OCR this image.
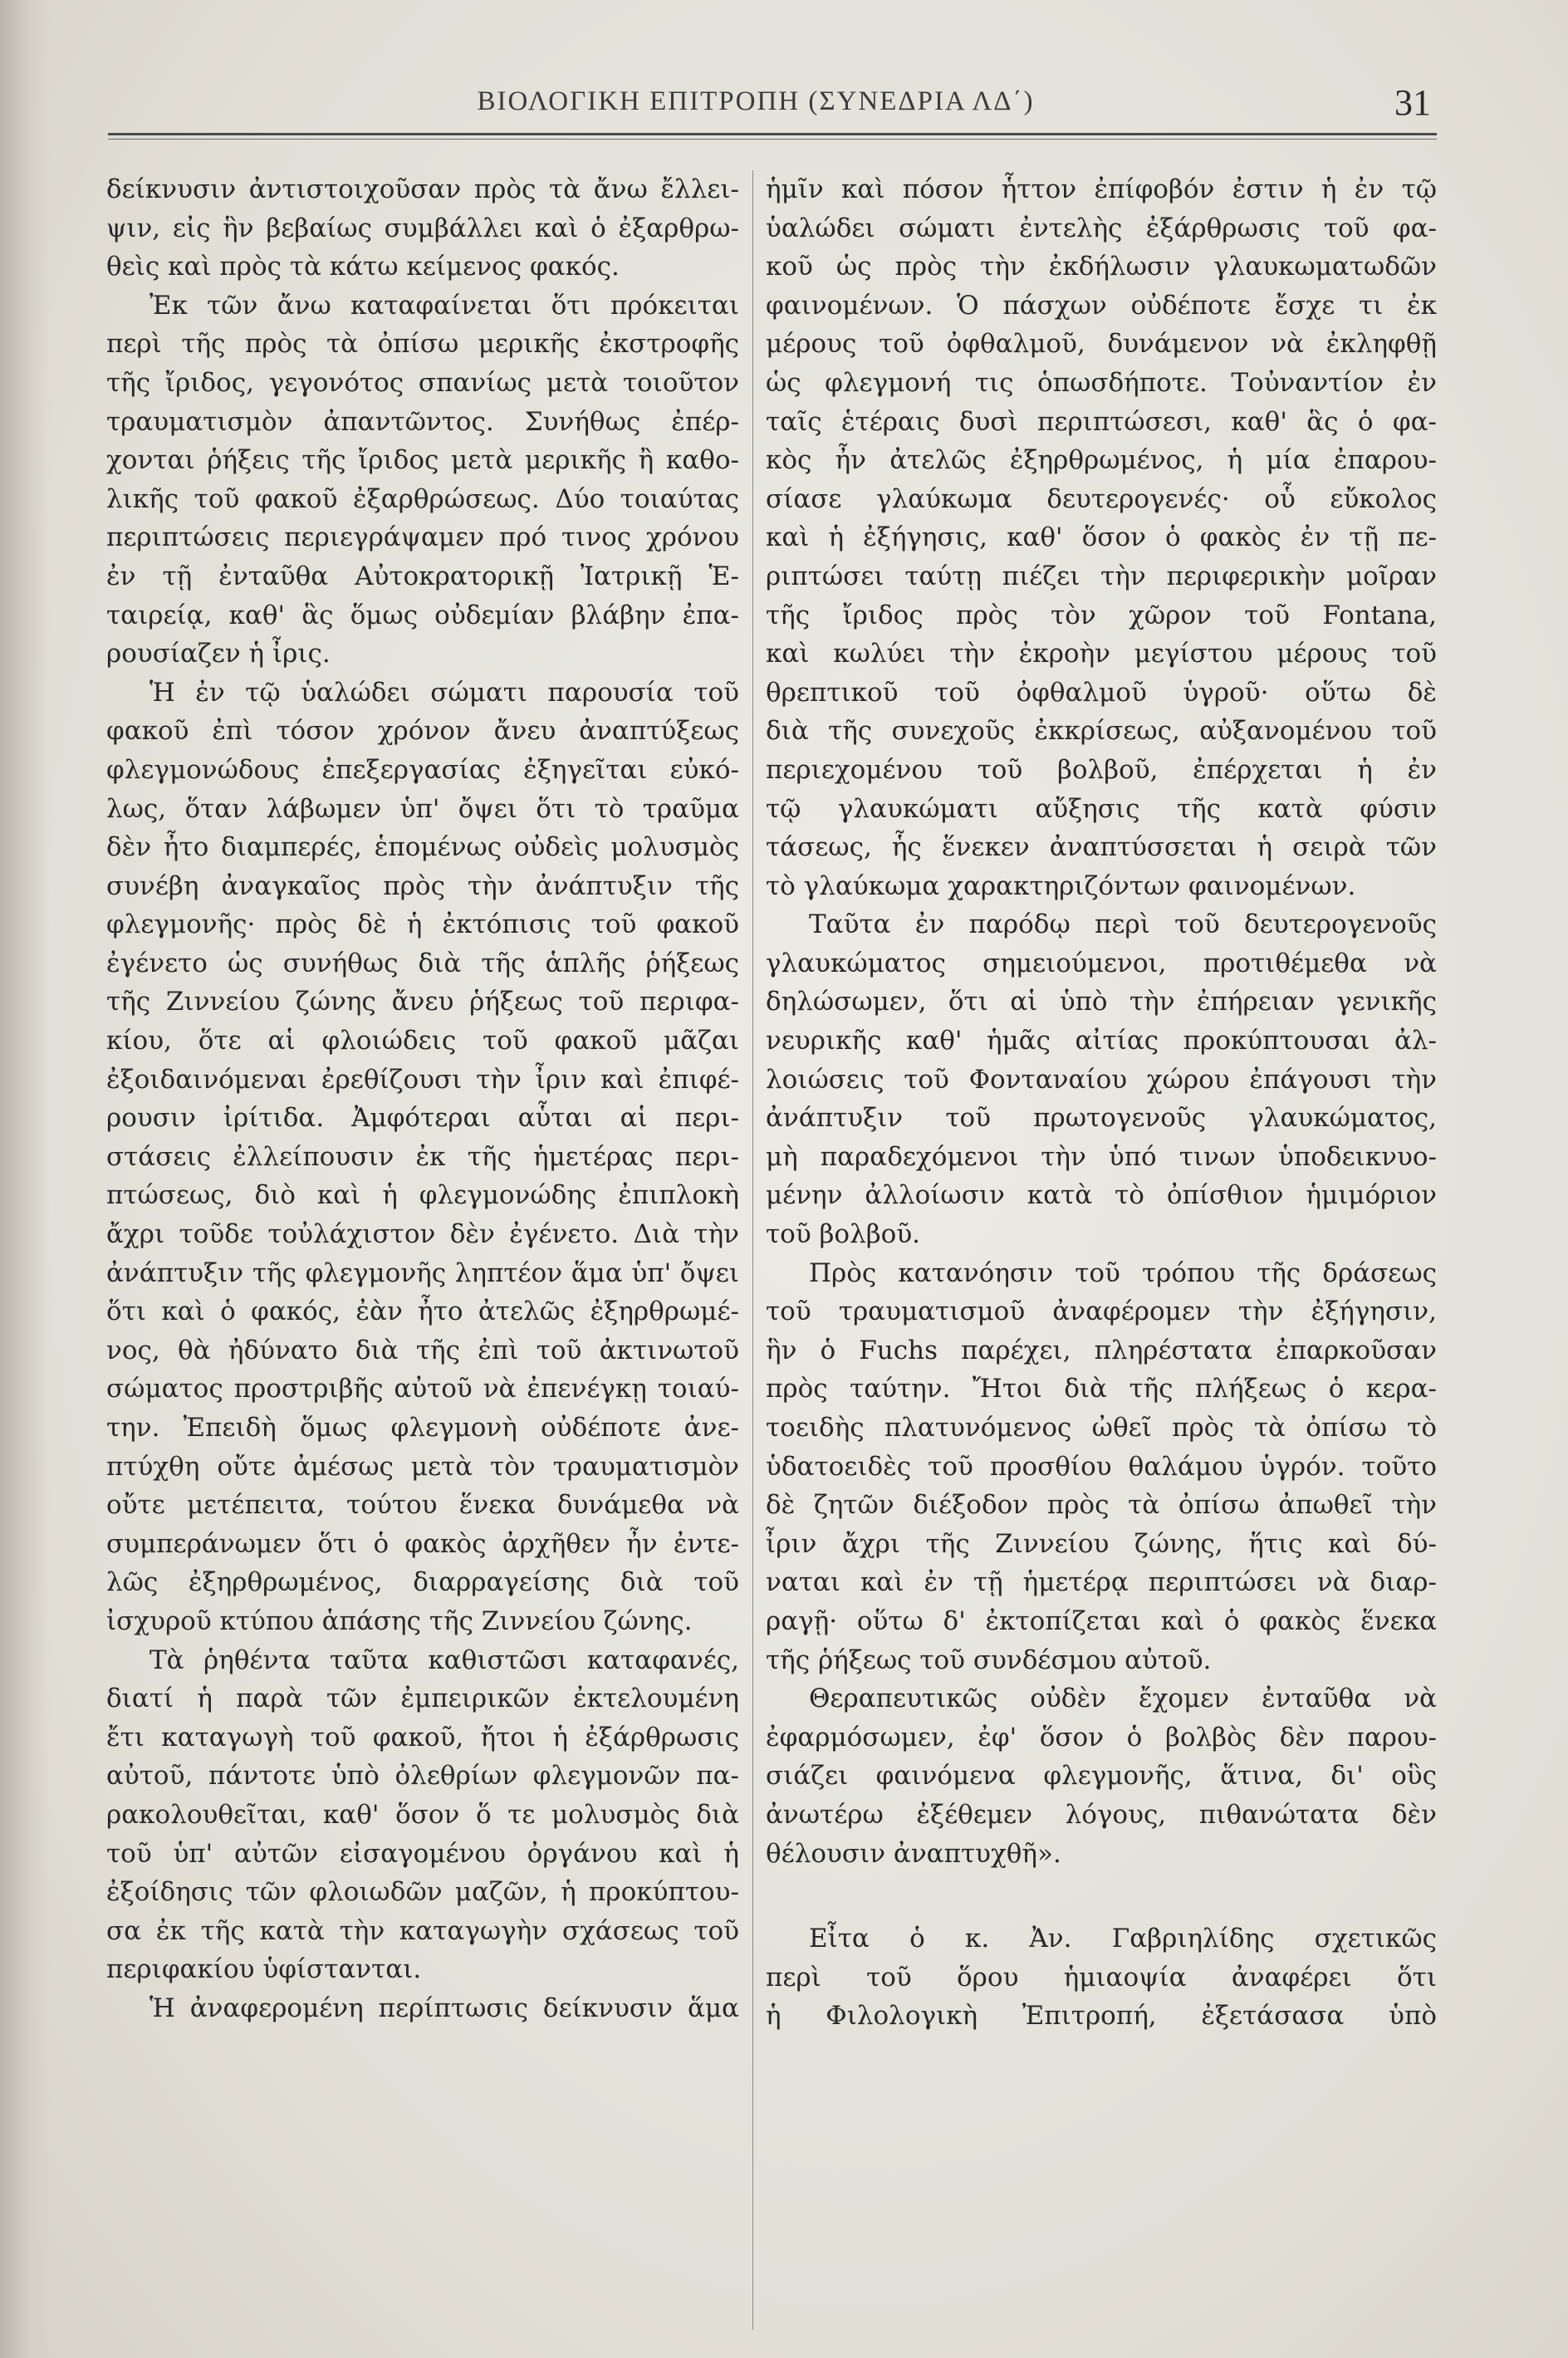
ΒΙΟΛΟΓΙΚΗ ΕΠΙΤΡΟΠΗ (ΣΥΝΕΔΡΙΑ ΛΔ΄)	31
δείκνυσιν ἀντιστοιχοῦσαν πρὸς τὰ ἄνω ἔλλει-
ψιν, εἰς ἣν βεβαίως συμβάλλει καὶ ὁ ἐξαρθρω-
θεὶς καὶ πρὸς τὰ κάτω κείμενος φακός.
Ἐκ τῶν ἄνω καταφαίνεται ὅτι πρόκειται
περὶ τῆς πρὸς τὰ ὀπίσω μερικῆς ἐκστροφῆς
τῆς ἴριδος, γεγονότος σπανίως μετὰ τοιοῦτον
τραυματισμὸν ἀπαντῶντος. Συνήθως ἐπέρ-
χονται ῥήξεις τῆς ἴριδος μετὰ μερικῆς ἢ καθο-
λικῆς τοῦ φακοῦ ἐξαρθρώσεως. Δύο τοιαύτας
περιπτώσεις περιεγράψαμεν πρό τινος χρόνου
ἐν τῇ ἐνταῦθα Αὐτοκρατορικῇ Ἰατρικῇ Ἑ-
ταιρείᾳ, καθ' ἃς ὅμως οὐδεμίαν βλάβην ἐπα-
ρουσίαζεν ἡ ἶρις.
Ἡ ἐν τῷ ὑαλώδει σώματι παρουσία τοῦ
φακοῦ ἐπὶ τόσον χρόνον ἄνευ ἀναπτύξεως
φλεγμονώδους ἐπεξεργασίας ἐξηγεῖται εὐκό-
λως, ὅταν λάβωμεν ὑπ' ὄψει ὅτι τὸ τραῦμα
δὲν ἦτο διαμπερές, ἑπομένως οὐδεὶς μολυσμὸς
συνέβη ἀναγκαῖος πρὸς τὴν ἀνάπτυξιν τῆς
φλεγμονῆς· πρὸς δὲ ἡ ἐκτόπισις τοῦ φακοῦ
ἐγένετο ὡς συνήθως διὰ τῆς ἁπλῆς ῥήξεως
τῆς Ζιννείου ζώνης ἄνευ ῥήξεως τοῦ περιφα-
κίου, ὅτε αἱ φλοιώδεις τοῦ φακοῦ μᾶζαι
ἐξοιδαινόμεναι ἐρεθίζουσι τὴν ἶριν καὶ ἐπιφέ-
ρουσιν ἰρίτιδα. Ἀμφότεραι αὗται αἱ περι-
στάσεις ἐλλείπουσιν ἐκ τῆς ἡμετέρας περι-
πτώσεως, διὸ καὶ ἡ φλεγμονώδης ἐπιπλοκὴ
ἄχρι τοῦδε τοὐλάχιστον δὲν ἐγένετο. Διὰ τὴν
ἀνάπτυξιν τῆς φλεγμονῆς ληπτέον ἅμα ὑπ' ὄψει
ὅτι καὶ ὁ φακός, ἐὰν ἦτο ἀτελῶς ἐξηρθρωμέ-
νος, θὰ ἠδύνατο διὰ τῆς ἐπὶ τοῦ ἀκτινωτοῦ
σώματος προστριβῆς αὐτοῦ νὰ ἐπενέγκῃ τοιαύ-
την. Ἐπειδὴ ὅμως φλεγμονὴ οὐδέποτε ἀνε-
πτύχθη οὔτε ἀμέσως μετὰ τὸν τραυματισμὸν
οὔτε μετέπειτα, τούτου ἕνεκα δυνάμεθα νὰ
συμπεράνωμεν ὅτι ὁ φακὸς ἀρχῆθεν ἦν ἐντε-
λῶς ἐξηρθρωμένος, διαρραγείσης διὰ τοῦ
ἰσχυροῦ κτύπου ἁπάσης τῆς Ζιννείου ζώνης.
Τὰ ῥηθέντα ταῦτα καθιστῶσι καταφανές,
διατί ἡ παρὰ τῶν ἐμπειρικῶν ἐκτελουμένη
ἔτι καταγωγὴ τοῦ φακοῦ, ἤτοι ἡ ἐξάρθρωσις
αὐτοῦ, πάντοτε ὑπὸ ὀλεθρίων φλεγμονῶν πα-
ρακολουθεῖται, καθ' ὅσον ὅ τε μολυσμὸς διὰ
τοῦ ὑπ' αὐτῶν εἰσαγομένου ὀργάνου καὶ ἡ
ἐξοίδησις τῶν φλοιωδῶν μαζῶν, ἡ προκύπτου-
σα ἐκ τῆς κατὰ τὴν καταγωγὴν σχάσεως τοῦ
περιφακίου ὑφίστανται.
Ἡ ἀναφερομένη περίπτωσις δείκνυσιν ἅμα
ἡμῖν καὶ πόσον ἧττον ἐπίφοβόν ἐστιν ἡ ἐν τῷ
ὑαλώδει σώματι ἐντελὴς ἐξάρθρωσις τοῦ φα-
κοῦ ὡς πρὸς τὴν ἐκδήλωσιν γλαυκωματωδῶν
φαινομένων. Ὁ πάσχων οὐδέποτε ἔσχε τι ἐκ
μέρους τοῦ ὀφθαλμοῦ, δυνάμενον νὰ ἐκληφθῇ
ὡς φλεγμονή τις ὁπωσδήποτε. Τοὐναντίον ἐν
ταῖς ἑτέραις δυσὶ περιπτώσεσι, καθ' ἃς ὁ φα-
κὸς ἦν ἀτελῶς ἐξηρθρωμένος, ἡ μία ἐπαρου-
σίασε γλαύκωμα δευτερογενές· οὗ εὔκολος
καὶ ἡ ἐξήγησις, καθ' ὅσον ὁ φακὸς ἐν τῇ πε-
ριπτώσει ταύτῃ πιέζει τὴν περιφερικὴν μοῖραν
τῆς ἴριδος πρὸς τὸν χῶρον τοῦ Fontana,
καὶ κωλύει τὴν ἐκροὴν μεγίστου μέρους τοῦ
θρεπτικοῦ τοῦ ὀφθαλμοῦ ὑγροῦ· οὕτω δὲ
διὰ τῆς συνεχοῦς ἐκκρίσεως, αὐξανομένου τοῦ
περιεχομένου τοῦ βολβοῦ, ἐπέρχεται ἡ ἐν
τῷ γλαυκώματι αὔξησις τῆς κατὰ φύσιν
τάσεως, ἧς ἕνεκεν ἀναπτύσσεται ἡ σειρὰ τῶν
τὸ γλαύκωμα χαρακτηριζόντων φαινομένων.
Ταῦτα ἐν παρόδῳ περὶ τοῦ δευτερογενοῦς
γλαυκώματος σημειούμενοι, προτιθέμεθα νὰ
δηλώσωμεν, ὅτι αἱ ὑπὸ τὴν ἐπήρειαν γενικῆς
νευρικῆς καθ' ἡμᾶς αἰτίας προκύπτουσαι ἀλ-
λοιώσεις τοῦ Φονταναίου χώρου ἐπάγουσι τὴν
ἀνάπτυξιν τοῦ πρωτογενοῦς γλαυκώματος,
μὴ παραδεχόμενοι τὴν ὑπό τινων ὑποδεικνυο-
μένην ἀλλοίωσιν κατὰ τὸ ὀπίσθιον ἡμιμόριον
τοῦ βολβοῦ.
Πρὸς κατανόησιν τοῦ τρόπου τῆς δράσεως
τοῦ τραυματισμοῦ ἀναφέρομεν τὴν ἐξήγησιν,
ἣν ὁ Fuchs παρέχει, πληρέστατα ἐπαρκοῦσαν
πρὸς ταύτην. Ἤτοι διὰ τῆς πλήξεως ὁ κερα-
τοειδὴς πλατυνόμενος ὠθεῖ πρὸς τὰ ὀπίσω τὸ
ὑδατοειδὲς τοῦ προσθίου θαλάμου ὑγρόν. τοῦτο
δὲ ζητῶν διέξοδον πρὸς τὰ ὀπίσω ἀπωθεῖ τὴν
ἶριν ἄχρι τῆς Ζιννείου ζώνης, ἥτις καὶ δύ-
ναται καὶ ἐν τῇ ἡμετέρᾳ περιπτώσει νὰ διαρ-
ραγῇ· οὕτω δ' ἐκτοπίζεται καὶ ὁ φακὸς ἕνεκα
τῆς ῥήξεως τοῦ συνδέσμου αὐτοῦ.
Θεραπευτικῶς οὐδὲν ἔχομεν ἐνταῦθα νὰ
ἐφαρμόσωμεν, ἐφ' ὅσον ὁ βολβὸς δὲν παρου-
σιάζει φαινόμενα φλεγμονῆς, ἅτινα, δι' οὓς
ἀνωτέρω ἐξέθεμεν λόγους, πιθανώτατα δὲν
θέλουσιν ἀναπτυχθῆ».
Εἶτα ὁ κ. Ἀν. Γαβριηλίδης σχετικῶς
περὶ τοῦ ὅρου ἡμιαοψία ἀναφέρει ὅτι
ἡ Φιλολογικὴ Ἐπιτροπή, ἐξετάσασα ὑπὸ
